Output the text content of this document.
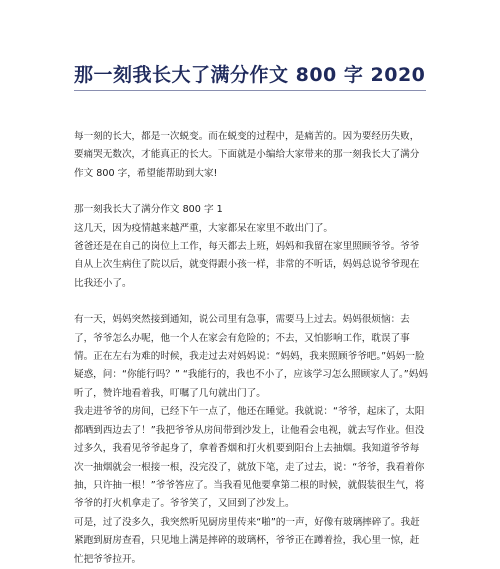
那一刻我长大了满分作文 800 字 2020

每一刻的长大，都是一次蜕变。而在蜕变的过程中，是痛苦的。因为要经历失败，要痛哭无数次，才能真正的长大。下面就是小编给大家带来的那一刻我长大了满分作文 800 字，希望能帮助到大家!

那一刻我长大了满分作文 800 字 1

这几天，因为疫情越来越严重，大家都呆在家里不敢出门了。

爸爸还是在自己的岗位上工作，每天都去上班，妈妈和我留在家里照顾爷爷。爷爷自从上次生病住了院以后，就变得跟小孩一样，非常的不听话，妈妈总说爷爷现在比我还小了。

有一天，妈妈突然接到通知，说公司里有急事，需要马上过去。妈妈很烦恼：去了，爷爷怎么办呢，他一个人在家会有危险的；不去，又怕影响工作，耽误了事情。正在左右为难的时候，我走过去对妈妈说：“妈妈，我来照顾爷爷吧。”妈妈一脸疑惑，问：“你能行吗？” “我能行的，我也不小了，应该学习怎么照顾家人了。”妈妈听了，赞许地看着我，叮嘱了几句就出门了。

我走进爷爷的房间，已经下午一点了，他还在睡觉。我就说：“爷爷，起床了，太阳都晒到西边去了！”我把爷爷从房间带到沙发上，让他看会电视，就去写作业。但没过多久，我看见爷爷起身了，拿着香烟和打火机要到阳台上去抽烟。我知道爷爷每次一抽烟就会一根接一根，没完没了，就放下笔，走了过去，说：“爷爷，我看着你抽，只许抽一根！”爷爷答应了。当我看见他要拿第二根的时候，就假装很生气，将爷爷的打火机拿走了。爷爷笑了，又回到了沙发上。

可是，过了没多久，我突然听见厨房里传来“啪”的一声，好像有玻璃摔碎了。我赶紧跑到厨房查看，只见地上满是摔碎的玻璃杯，爷爷正在蹲着捡，我心里一惊，赶忙把爷爷拉开。
